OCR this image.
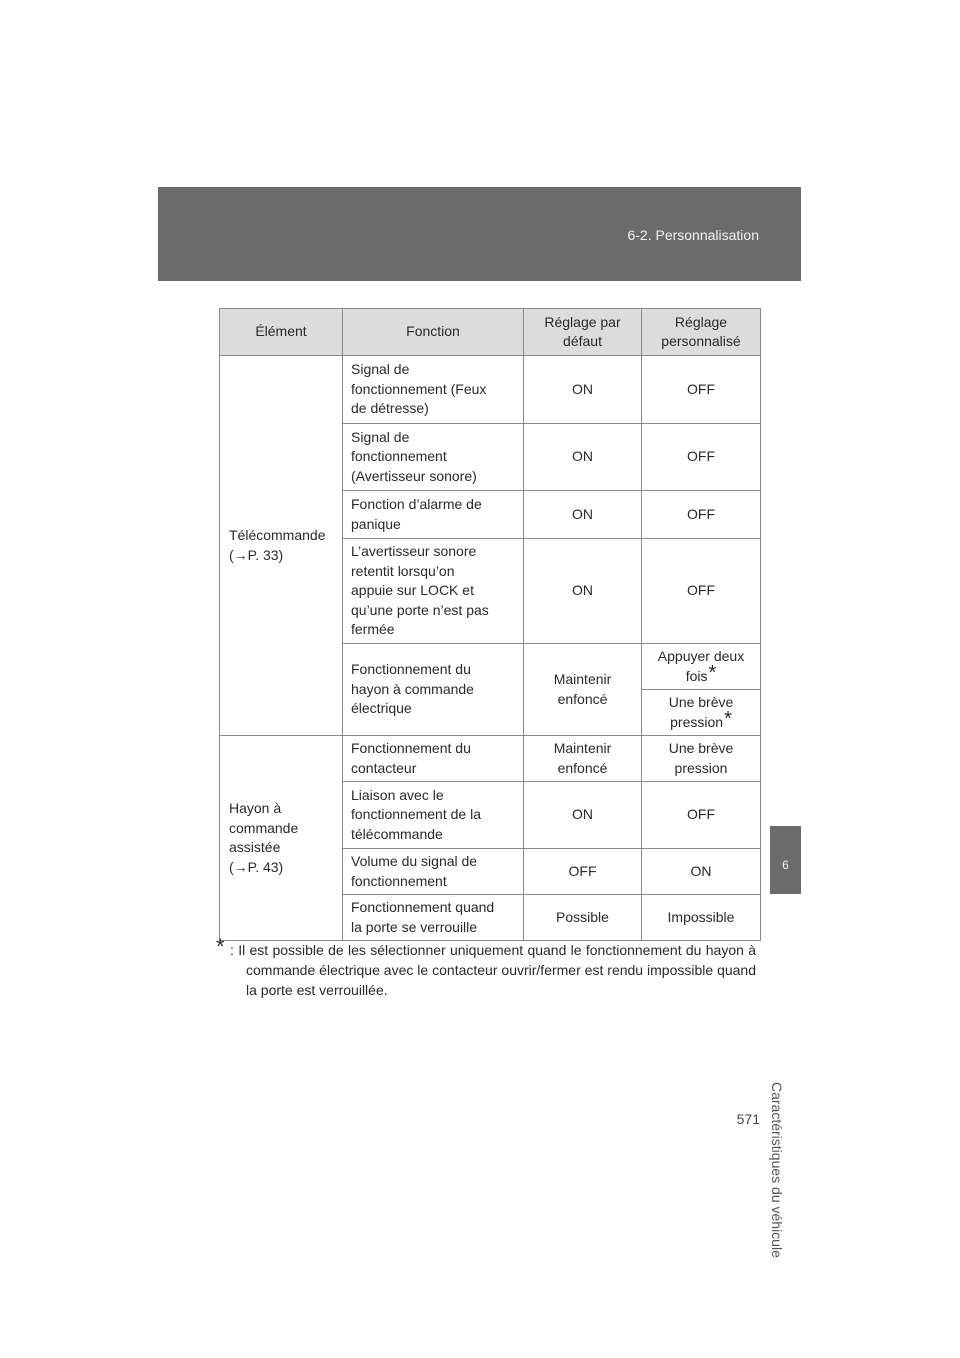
6-2. Personnalisation
6
Caractéristiques du véhicule
Élément	Fonction	Réglage par défaut	Réglage personnalisé

Télécommande
(→P. 33)	Signal de fonctionnement (Feux de détresse)	ON	OFF
	Signal de fonctionnement (Avertisseur sonore)	ON	OFF
	Fonction d’alarme de panique	ON	OFF
	L’avertisseur sonore retentit lorsqu’on appuie sur LOCK et qu’une porte n’est pas fermée	ON	OFF
	Fonctionnement du hayon à commande électrique	Maintenir enfoncé	Appuyer deux fois*
			Une brève pression*

Hayon à commande assistée
(→P. 43)	Fonctionnement du contacteur	Maintenir enfoncé	Une brève pression
	Liaison avec le fonctionnement de la télécommande	ON	OFF
	Volume du signal de fonctionnement	OFF	ON
	Fonctionnement quand la porte se verrouille	Possible	Impossible
* : Il est possible de les sélectionner uniquement quand le fonctionnement du hayon à commande électrique avec le contacteur ouvrir/fermer est rendu impossible quand la porte est verrouillée.

571
